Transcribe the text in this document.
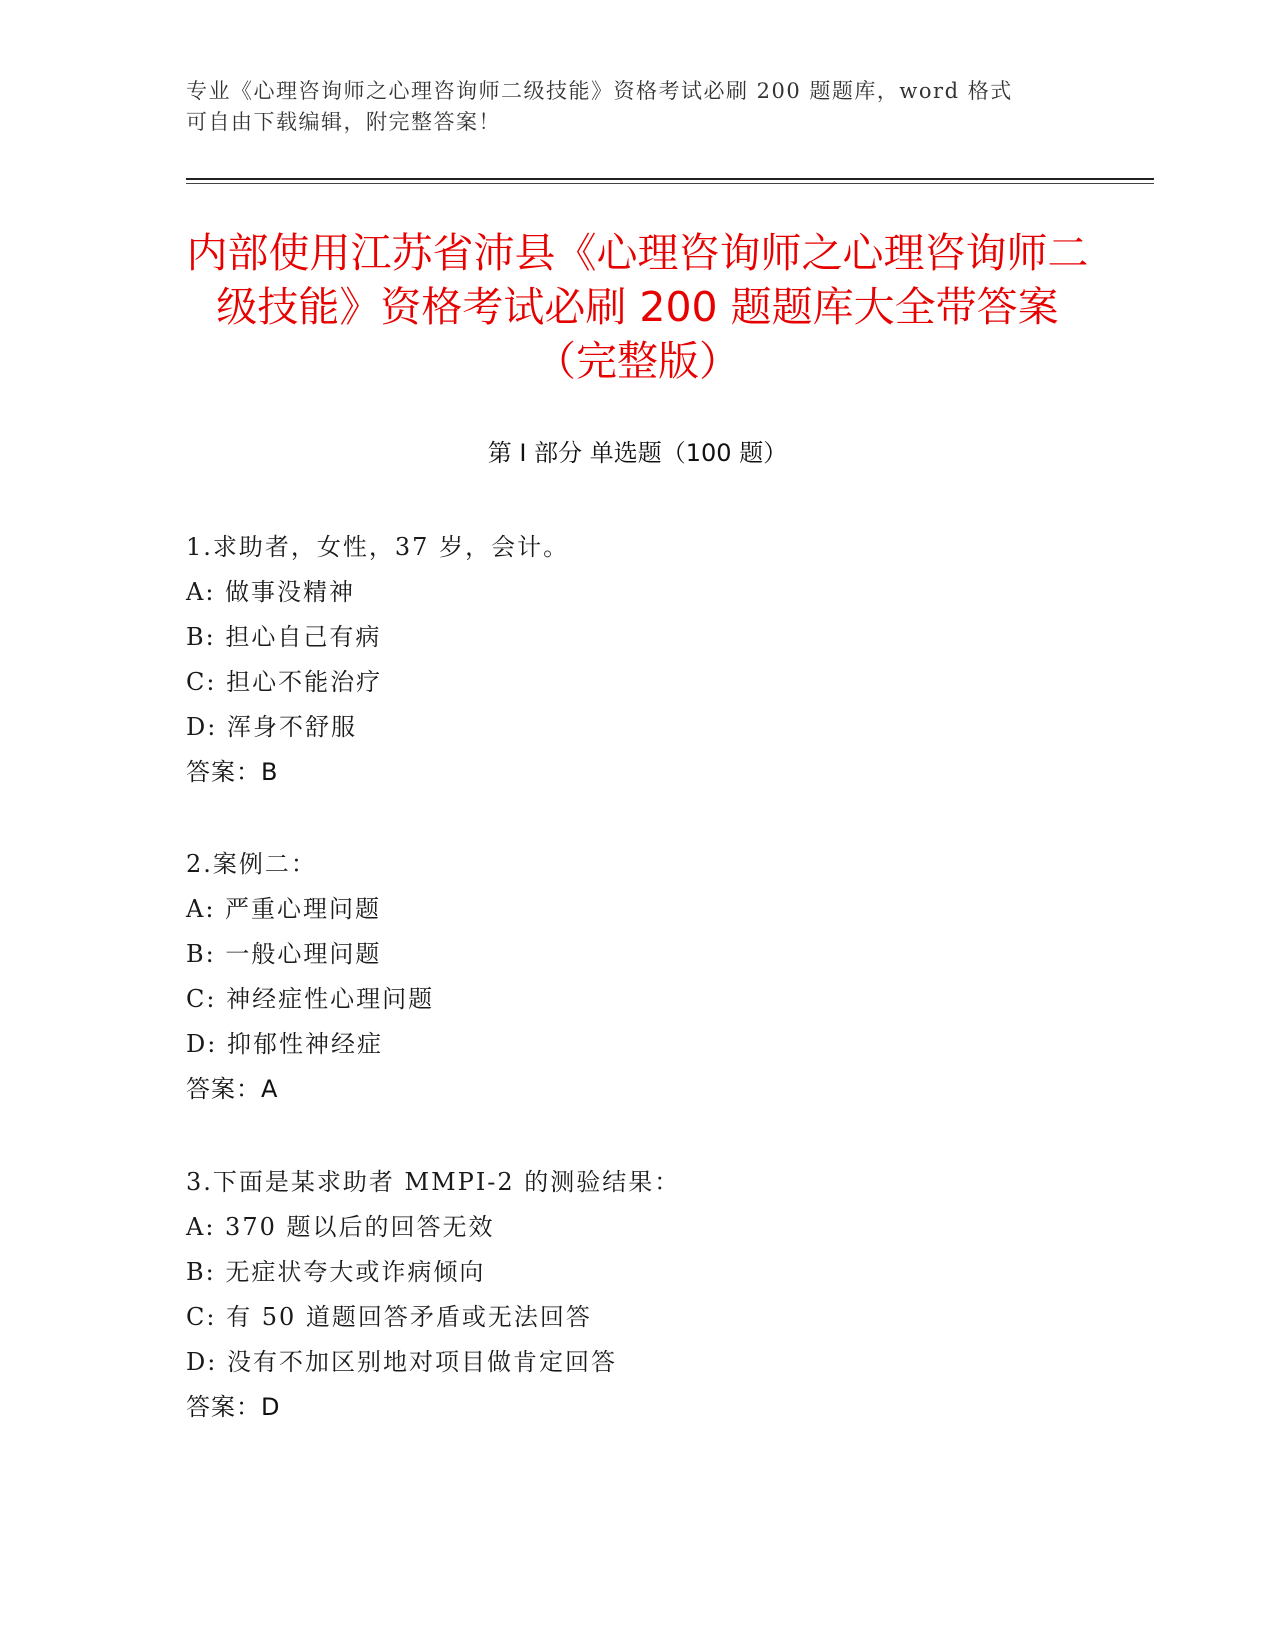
专业《心理咨询师之心理咨询师二级技能》资格考试必刷 200 题题库，word 格式
可自由下载编辑，附完整答案！
内部使用江苏省沛县《心理咨询师之心理咨询师二
级技能》资格考试必刷 200 题题库大全带答案
（完整版）
第 I 部分 单选题（100 题）
1.求助者，女性，37 岁，会计。
A: 做事没精神
B: 担心自己有病
C: 担心不能治疗
D: 浑身不舒服
答案：B
2.案例二：
A: 严重心理问题
B: 一般心理问题
C: 神经症性心理问题
D: 抑郁性神经症
答案：A
3.下面是某求助者 MMPI-2 的测验结果：
A: 370 题以后的回答无效
B: 无症状夸大或诈病倾向
C: 有 50 道题回答矛盾或无法回答
D: 没有不加区别地对项目做肯定回答
答案：D
